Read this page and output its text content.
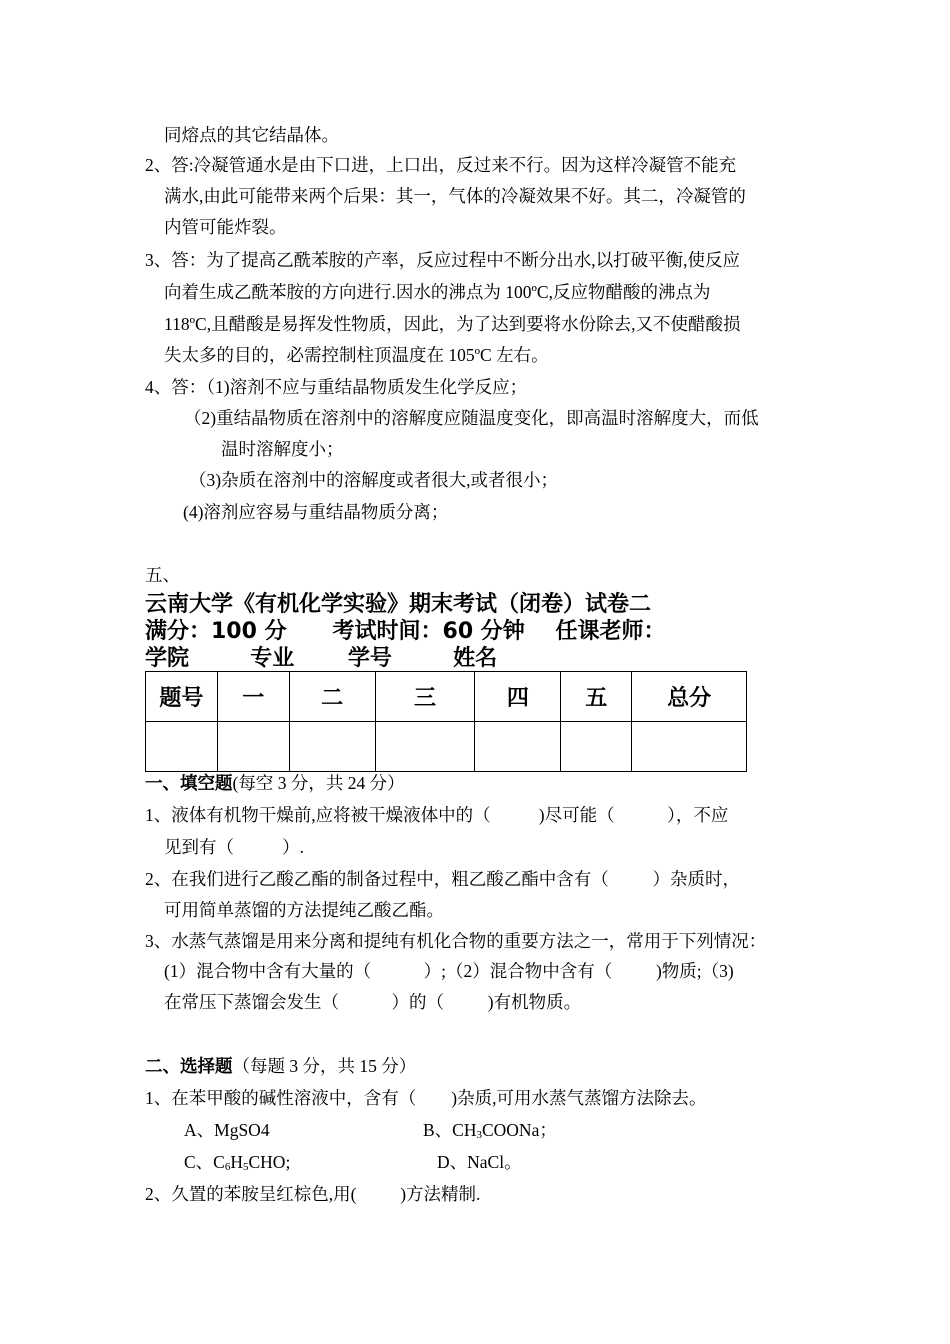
同熔点的其它结晶体。
2、答:冷凝管通水是由下口进，上口出，反过来不行。因为这样冷凝管不能充
满水,由此可能带来两个后果：其一，气体的冷凝效果不好。其二，冷凝管的
内管可能炸裂。
3、答：为了提高乙酰苯胺的产率，反应过程中不断分出水,以打破平衡,使反应
向着生成乙酰苯胺的方向进行.因水的沸点为 100ºC,反应物醋酸的沸点为
118ºC,且醋酸是易挥发性物质，因此，为了达到要将水份除去,又不使醋酸损
失太多的目的，必需控制柱顶温度在 105ºC 左右。
4、答：（1)溶剂不应与重结晶物质发生化学反应；
（2)重结晶物质在溶剂中的溶解度应随温度变化，即高温时溶解度大，而低
温时溶解度小；
（3)杂质在溶剂中的溶解度或者很大,或者很小；
(4)溶剂应容易与重结晶物质分离；
五、
云南大学《有机化学实验》期末考试（闭卷）试卷二
满分：100 分      考试时间：60 分钟    任课老师：
学院        专业       学号        姓名
题号	一	二	三	四	五	总分

一、填空题(每空 3 分，共 24 分）
1、液体有机物干燥前,应将被干燥液体中的（           )尽可能（            ），不应
见到有（           ）.
2、在我们进行乙酸乙酯的制备过程中，粗乙酸乙酯中含有（          ）杂质时，
可用简单蒸馏的方法提纯乙酸乙酯。
3、水蒸气蒸馏是用来分离和提纯有机化合物的重要方法之一，常用于下列情况：
(1）混合物中含有大量的（            ）;（2）混合物中含有（          )物质;（3)
在常压下蒸馏会发生（            ）的（          )有机物质。
二、选择题（每题 3 分，共 15 分）
1、在苯甲酸的碱性溶液中，含有（        )杂质,可用水蒸气蒸馏方法除去。
A、MgSO4	B、$CH_3COONa$；
C、$C_6H_5CHO$;	D、NaCl。
2、久置的苯胺呈红棕色,用(          )方法精制.
